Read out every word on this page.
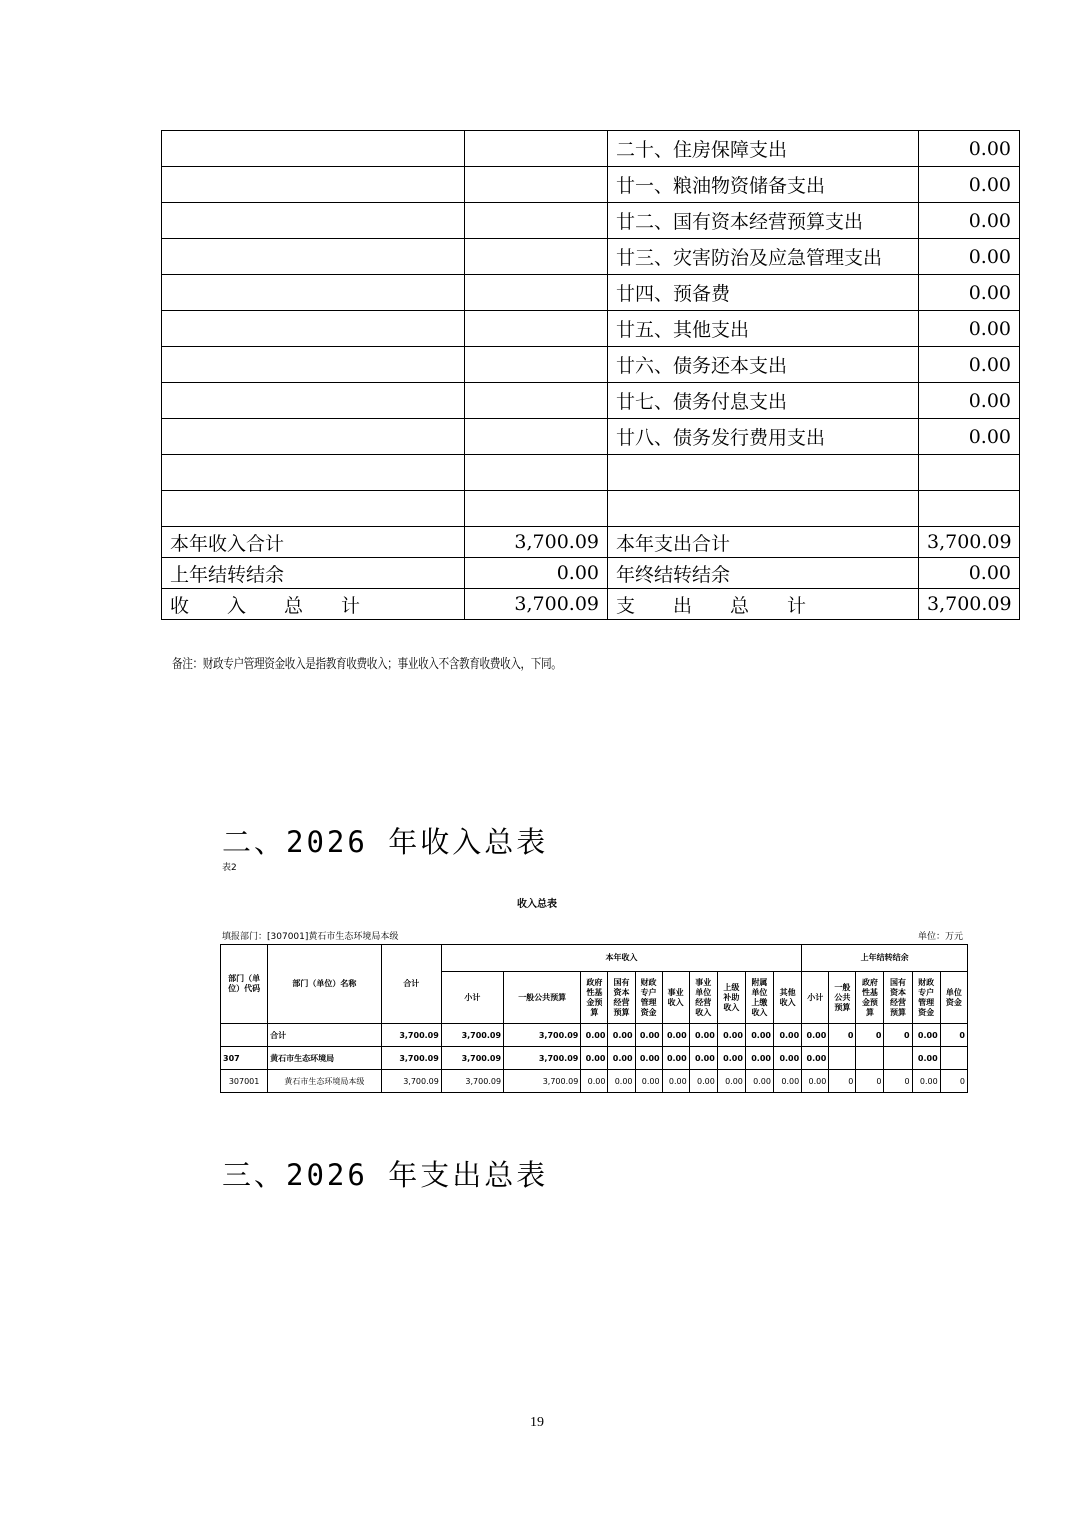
		二十、住房保障支出	0.00
		廿一、粮油物资储备支出	0.00
		廿二、国有资本经营预算支出	0.00
		廿三、灾害防治及应急管理支出	0.00
		廿四、预备费	0.00
		廿五、其他支出	0.00
		廿六、债务还本支出	0.00
		廿七、债务付息支出	0.00
		廿八、债务发行费用支出	0.00

本年收入合计	3,700.09	本年支出合计	3,700.09
上年结转结余	0.00	年终结转结余	0.00

收 入 总 计	3,700.09	支 出 总 计	3,700.09
备注：财政专户管理资金收入是指教育收费收入；事业收入不含教育收费收入，下同。
二、2026 年收入总表
表2
收入总表
填报部门：[307001]黄石市生态环境局本级	单位：万元
部门（单位）代码	部门（单位）名称	合计	本年收入										上年结转结余					
			小计	一般公共预算	政府性基金预算	国有资本经营预算	财政专户管理资金	事业收入	事业单位经营收入	上级补助收入	附属单位上缴收入	其他收入	小计	一般公共预算	政府性基金预算	国有资本经营预算	财政专户管理资金	单位资金
	合计	3,700.09	3,700.09	3,700.09	0.00	0.00	0.00	0.00	0.00	0.00	0.00	0.00	0.00	0	0	0	0.00	0
307	黄石市生态环境局	3,700.09	3,700.09	3,700.09	0.00	0.00	0.00	0.00	0.00	0.00	0.00	0.00	0.00				0.00	
307001	黄石市生态环境局本级	3,700.09	3,700.09	3,700.09	0.00	0.00	0.00	0.00	0.00	0.00	0.00	0.00	0.00	0	0	0	0.00	0
三、2026 年支出总表
19
